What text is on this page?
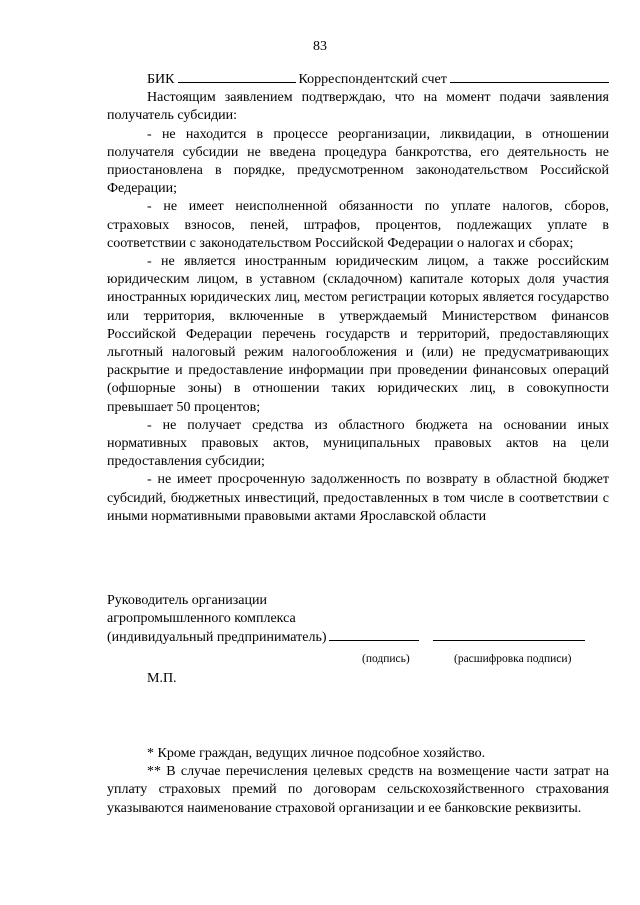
83
БИК	Корреспондентский счет

Настоящим заявлением подтверждаю, что на момент подачи заявления получатель субсидии:

- не находится в процессе реорганизации, ликвидации, в отношении получателя субсидии не введена процедура банкротства, его деятельность не приостановлена в порядке, предусмотренном законодательством Российской Федерации;

- не имеет неисполненной обязанности по уплате налогов, сборов, страховых взносов, пеней, штрафов, процентов, подлежащих уплате в соответствии с законодательством Российской Федерации о налогах и сборах;

- не является иностранным юридическим лицом, а также российским юридическим лицом, в уставном (складочном) капитале которых доля участия иностранных юридических лиц, местом регистрации которых является государство или территория, включенные в утверждаемый Министерством финансов Российской Федерации перечень государств и территорий, предоставляющих льготный налоговый режим налогообложения и (или) не предусматривающих раскрытие и предоставление информации при проведении финансовых операций (офшорные зоны) в отношении таких юридических лиц, в совокупности превышает 50 процентов;

- не получает средства из областного бюджета на основании иных нормативных правовых актов, муниципальных правовых актов на цели предоставления субсидии;

- не имеет просроченную задолженность по возврату в областной бюджет субсидий, бюджетных инвестиций, предоставленных в том числе в соответствии с иными нормативными правовыми актами Ярославской области

Руководитель организации
агропромышленного комплекса
(индивидуальный предприниматель)
(подпись)	(расшифровка подписи)
М.П.

* Кроме граждан, ведущих личное подсобное хозяйство.

** В случае перечисления целевых средств на возмещение части затрат на уплату страховых премий по договорам сельскохозяйственного страхования указываются наименование страховой организации и ее банковские реквизиты.
